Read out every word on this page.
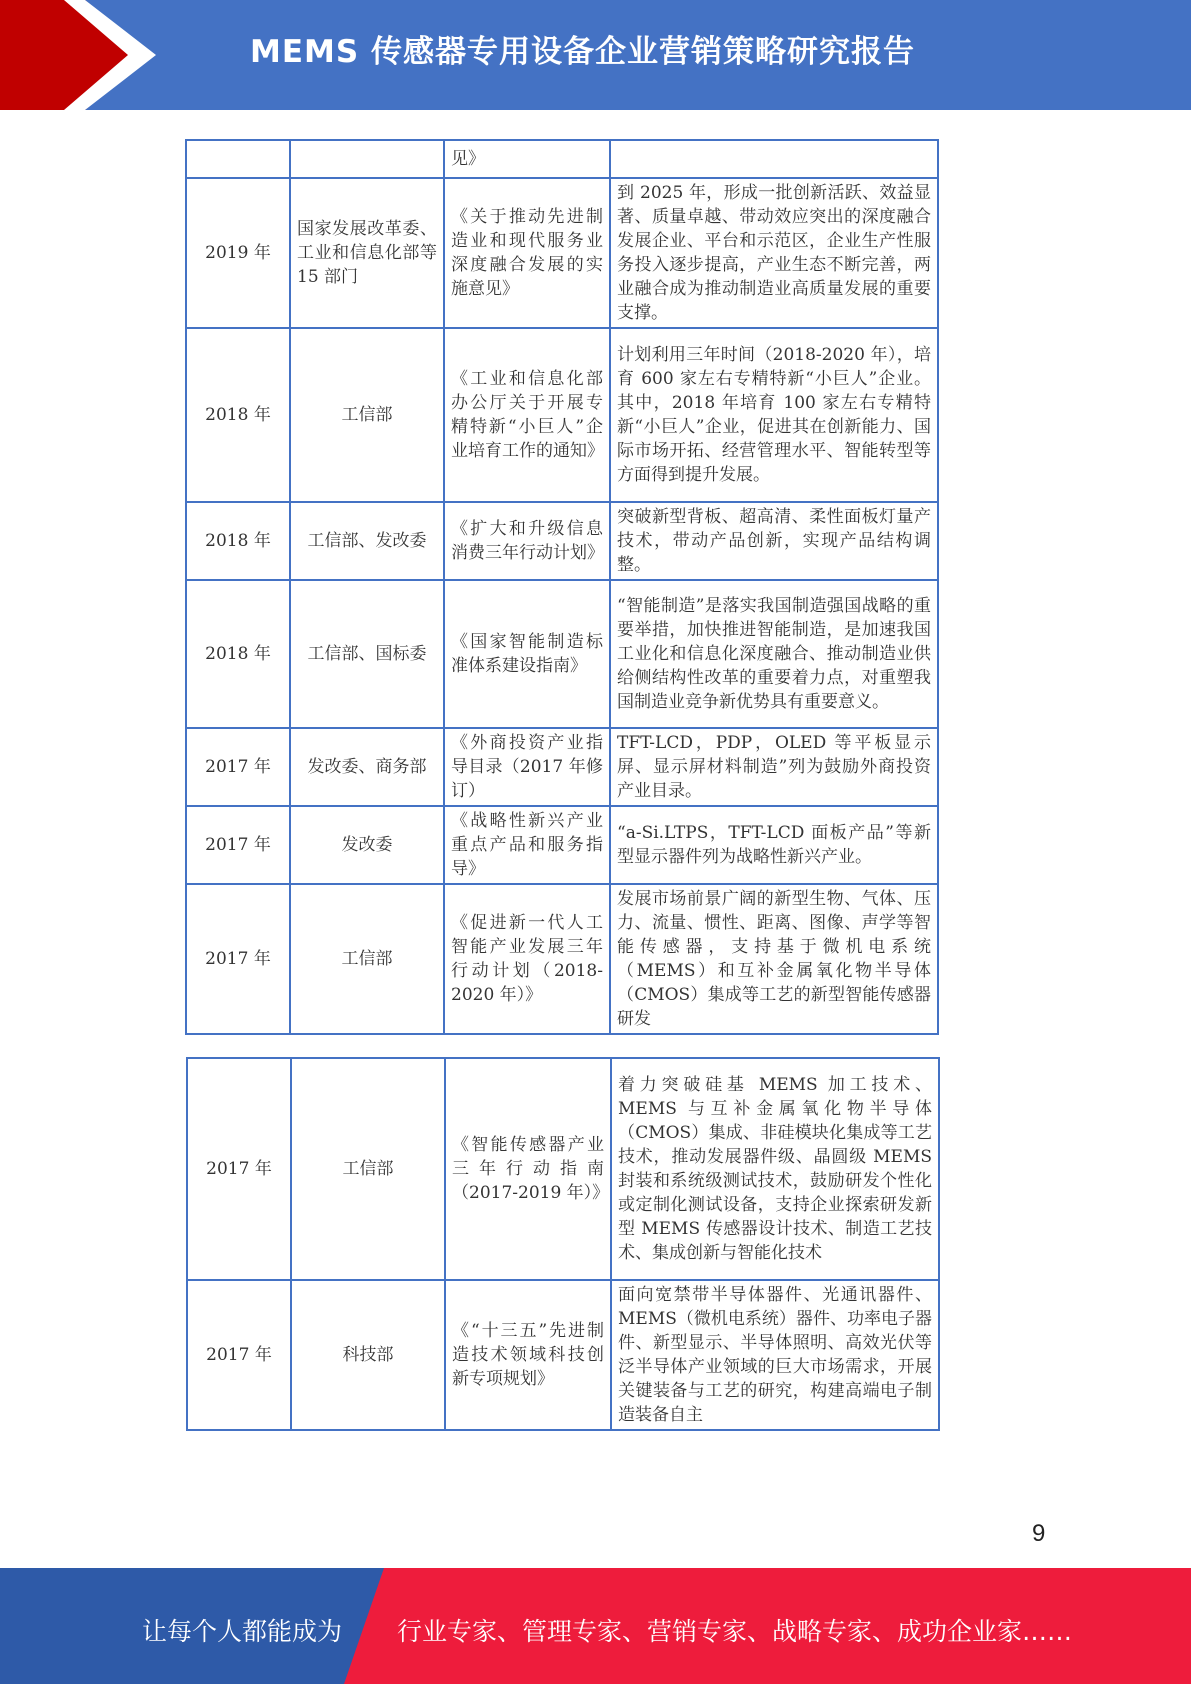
MEMS 传感器专用设备企业营销策略研究报告
		见》	
2019 年	国家发展改革委、工业和信息化部等 15 部门	《关于推动先进制造业和现代服务业深度融合发展的实施意见》	到 2025 年，形成一批创新活跃、效益显著、质量卓越、带动效应突出的深度融合发展企业、平台和示范区，企业生产性服务投入逐步提高，产业生态不断完善，两业融合成为推动制造业高质量发展的重要支撑。
2018 年	工信部	《工业和信息化部办公厅关于开展专精特新“小巨人”企业培育工作的通知》	计划利用三年时间（2018-2020 年），培育 600 家左右专精特新“小巨人”企业。其中，2018 年培育 100 家左右专精特新“小巨人”企业，促进其在创新能力、国际市场开拓、经营管理水平、智能转型等方面得到提升发展。
2018 年	工信部、发改委	《扩大和升级信息消费三年行动计划》	突破新型背板、超高清、柔性面板灯量产技术，带动产品创新，实现产品结构调整。
2018 年	工信部、国标委	《国家智能制造标准体系建设指南》	“智能制造”是落实我国制造强国战略的重要举措，加快推进智能制造，是加速我国工业化和信息化深度融合、推动制造业供给侧结构性改革的重要着力点，对重塑我国制造业竞争新优势具有重要意义。
2017 年	发改委、商务部	《外商投资产业指导目录（2017 年修订）	TFT-LCD，PDP，OLED 等平板显示屏、显示屏材料制造”列为鼓励外商投资产业目录。
2017 年	发改委	《战略性新兴产业重点产品和服务指导》	“a-Si.LTPS，TFT-LCD 面板产品”等新型显示器件列为战略性新兴产业。
2017 年	工信部	《促进新一代人工智能产业发展三年行动计划（2018-2020 年）》	发展市场前景广阔的新型生物、气体、压力、流量、惯性、距离、图像、声学等智能传感器，支持基于微机电系统（MEMS）和互补金属氧化物半导体（CMOS）集成等工艺的新型智能传感器研发
2017 年	工信部	《智能传感器产业三年行动指南（2017-2019 年）》	着力突破硅基 MEMS 加工技术、MEMS 与互补金属氧化物半导体（CMOS）集成、非硅模块化集成等工艺技术，推动发展器件级、晶圆级 MEMS 封装和系统级测试技术，鼓励研发个性化或定制化测试设备，支持企业探索研发新型 MEMS 传感器设计技术、制造工艺技术、集成创新与智能化技术
2017 年	科技部	《“十三五”先进制造技术领域科技创新专项规划》	面向宽禁带半导体器件、光通讯器件、MEMS（微机电系统）器件、功率电子器件、新型显示、半导体照明、高效光伏等泛半导体产业领域的巨大市场需求，开展关键装备与工艺的研究，构建高端电子制造装备自主
9
让每个人都能成为 行业专家、管理专家、营销专家、战略专家、成功企业家……
